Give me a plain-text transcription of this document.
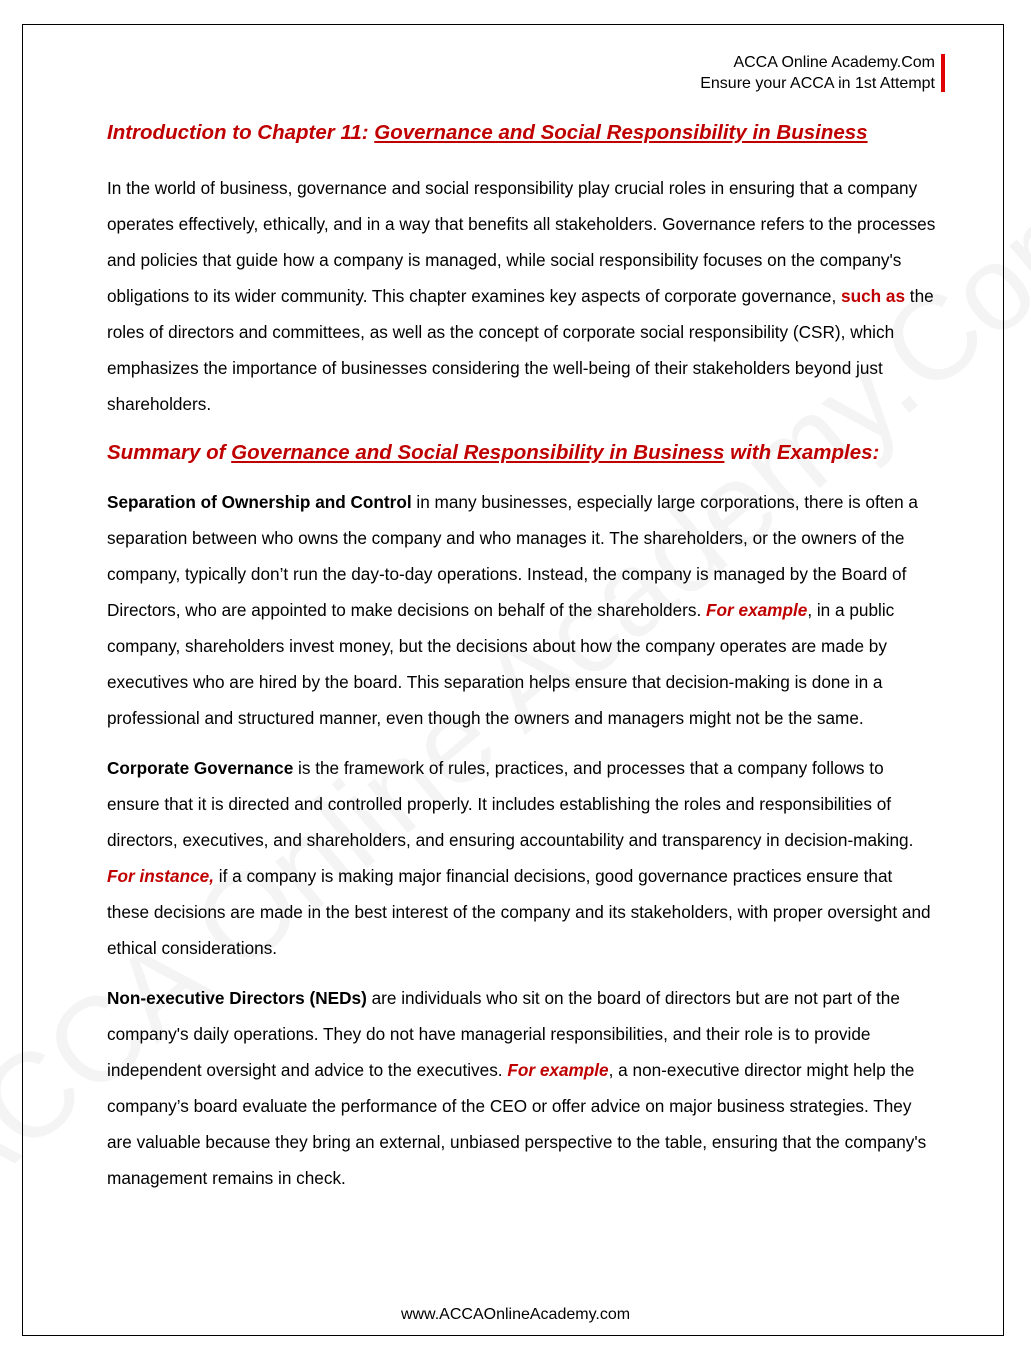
ACCA Online Academy.Com
Ensure your ACCA in 1st Attempt
Introduction to Chapter 11: Governance and Social Responsibility in Business

In the world of business, governance and social responsibility play crucial roles in ensuring that a company operates effectively, ethically, and in a way that benefits all stakeholders. Governance refers to the processes and policies that guide how a company is managed, while social responsibility focuses on the company's obligations to its wider community. This chapter examines key aspects of corporate governance, such as the roles of directors and committees, as well as the concept of corporate social responsibility (CSR), which emphasizes the importance of businesses considering the well-being of their stakeholders beyond just shareholders.

Summary of Governance and Social Responsibility in Business with Examples:

Separation of Ownership and Control in many businesses, especially large corporations, there is often a separation between who owns the company and who manages it. The shareholders, or the owners of the company, typically don’t run the day-to-day operations. Instead, the company is managed by the Board of Directors, who are appointed to make decisions on behalf of the shareholders. For example, in a public company, shareholders invest money, but the decisions about how the company operates are made by executives who are hired by the board. This separation helps ensure that decision-making is done in a professional and structured manner, even though the owners and managers might not be the same.

Corporate Governance is the framework of rules, practices, and processes that a company follows to ensure that it is directed and controlled properly. It includes establishing the roles and responsibilities of directors, executives, and shareholders, and ensuring accountability and transparency in decision-making. For instance, if a company is making major financial decisions, good governance practices ensure that these decisions are made in the best interest of the company and its stakeholders, with proper oversight and ethical considerations.

Non-executive Directors (NEDs) are individuals who sit on the board of directors but are not part of the company's daily operations. They do not have managerial responsibilities, and their role is to provide independent oversight and advice to the executives. For example, a non-executive director might help the company’s board evaluate the performance of the CEO or offer advice on major business strategies. They are valuable because they bring an external, unbiased perspective to the table, ensuring that the company's management remains in check.

www.ACCAOnlineAcademy.com
